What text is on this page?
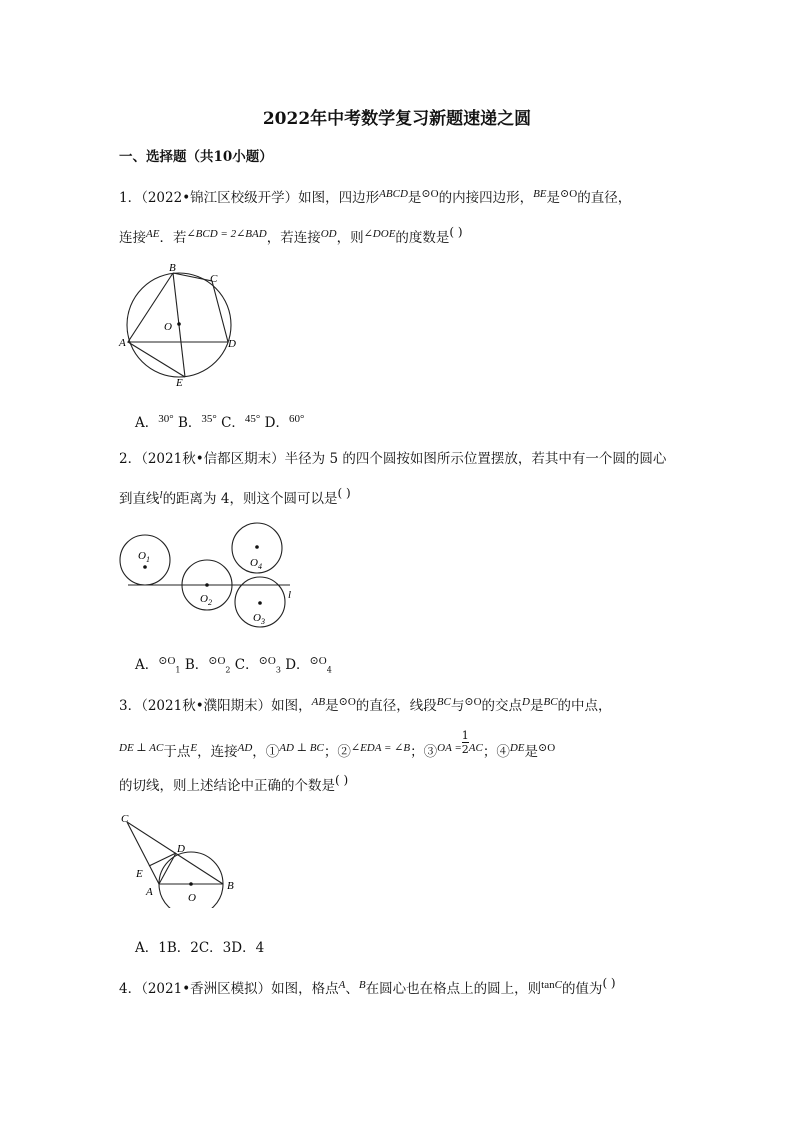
2022年中考数学复习新题速递之圆
一、选择题（共10小题）
1．（2022•锦江区校级开学）如图，四边形$^{ABCD}$是$^{⊙O}$的内接四边形，$^{BE}$是$^{⊙O}$的直径，
连接$^{AE}$．若$^{\angle BCD = 2\angle BAD}$，若连接$^{OD}$，则$^{\angle DOE}$的度数是( )
B
C
O
A	D
E
A．$^{30^\circ}$ B．$^{35^\circ}$ C．$^{45^\circ}$ D．$^{60^\circ}$
2．（2021秋•信都区期末）半径为 5 的四个圆按如图所示位置摆放，若其中有一个圆的圆心
到直线$^l$的距离为 4，则这个圆可以是( )
$O_1$
$O_2$
$O_3$
$O_4$
l
A．$^{⊙O}_1$ B．$^{⊙O}_2$ C．$^{⊙O}_3$ D．$^{⊙O}_4$
3．（2021秋•濮阳期末）如图，$^{AB}$是$^{⊙O}$的直径，线段$^{BC}$与$^{⊙O}$的交点$^D$是$^{BC}$的中点，
$^{DE \perp AC}$于点$^E$，连接$^{AD}$，①$^{AD \perp BC}$；②$^{\angle EDA = \angle B}$；③$^{OA =}$ $\frac{1}{2} ^{AC}$；④$^{DE}$是$^{⊙O}$
的切线，则上述结论中正确的个数是( )
C
D
E
A	O
B
A．1B．2C．3D．4
4．（2021•香洲区模拟）如图，格点$^A$、$^B$在圆心也在格点上的圆上，则$^{tanC}$的值为( )
